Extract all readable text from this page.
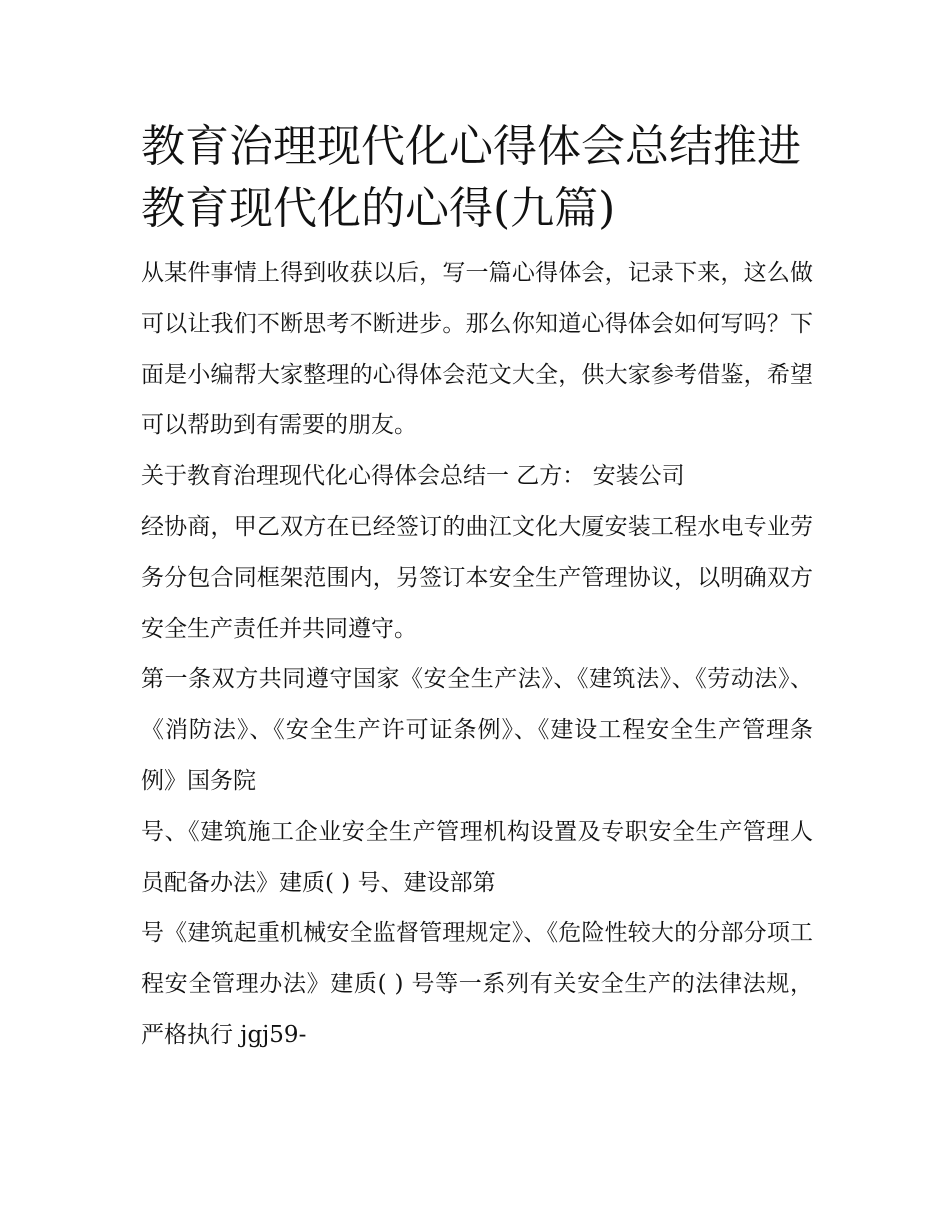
教育治理现代化心得体会总结推进教育现代化的心得(九篇)

从某件事情上得到收获以后，写一篇心得体会，记录下来，这么做可以让我们不断思考不断进步。那么你知道心得体会如何写吗？下面是小编帮大家整理的心得体会范文大全，供大家参考借鉴，希望可以帮助到有需要的朋友。

关于教育治理现代化心得体会总结一 乙方： 安装公司

经协商，甲乙双方在已经签订的曲江文化大厦安装工程水电专业劳务分包合同框架范围内，另签订本安全生产管理协议，以明确双方安全生产责任并共同遵守。

第一条双方共同遵守国家《安全生产法》、《建筑法》、《劳动法》、《消防法》、《安全生产许可证条例》、《建设工程安全生产管理条例》国务院

号、《建筑施工企业安全生产管理机构设置及专职安全生产管理人员配备办法》建质( ) 号、建设部第

号《建筑起重机械安全监督管理规定》、《危险性较大的分部分项工程安全管理办法》建质( ) 号等一系列有关安全生产的法律法规，严格执行 jgj59-
